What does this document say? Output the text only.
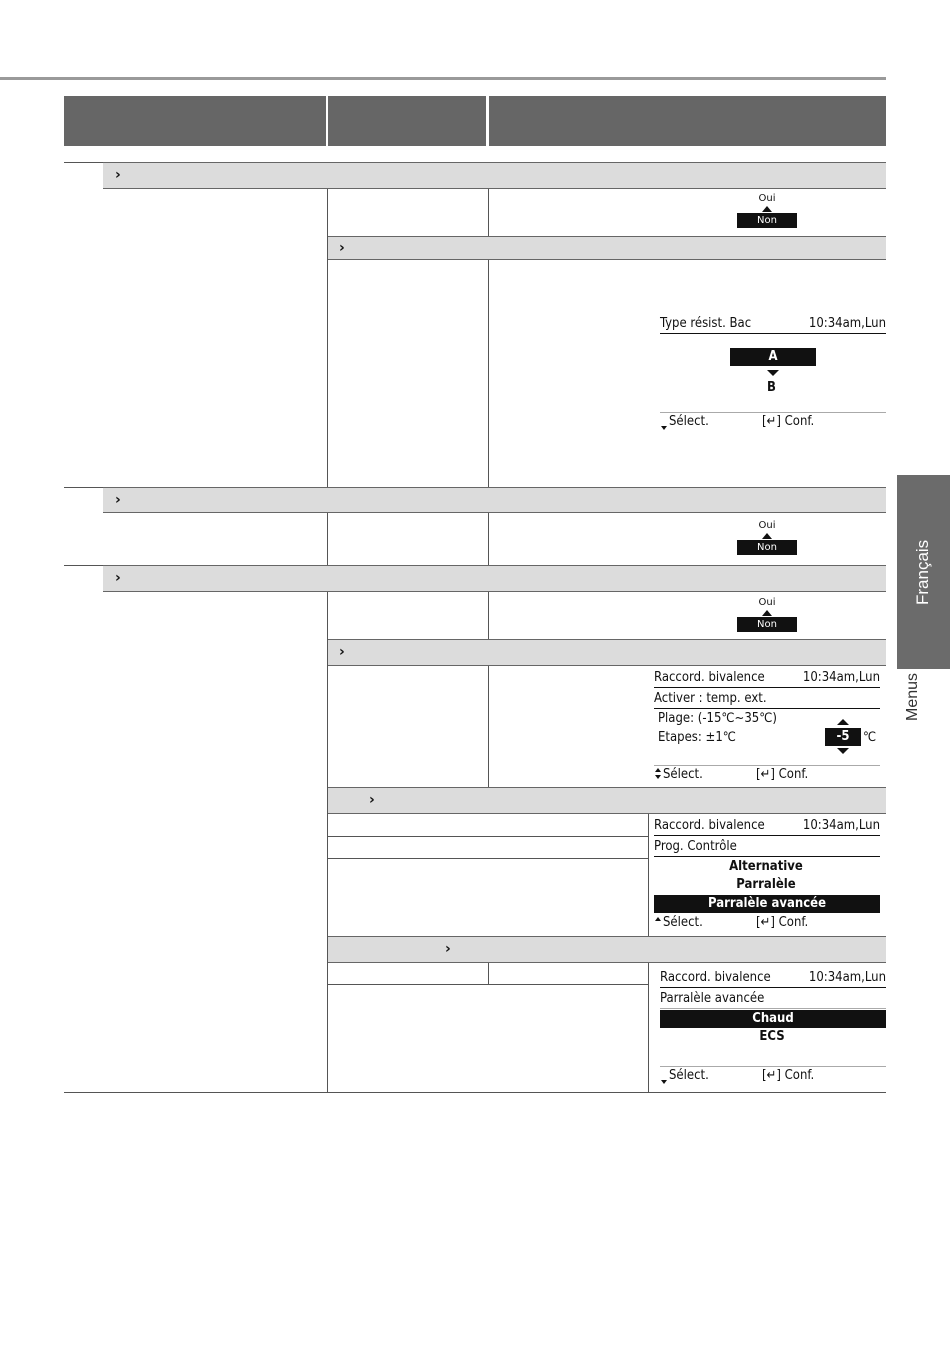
›
Oui
Non
›
Type résist. Bac	10:34am,Lun
A
B
Sélect.	[↵] Conf.
›
Oui
Non
›
Oui
Non
›
Raccord. bivalence	10:34am,Lun
Activer : temp. ext.
Plage: (-15℃~35℃)
Etapes: ±1℃	-5	℃
Sélect.	[↵] Conf.
›
Raccord. bivalence	10:34am,Lun
Prog. Contrôle
Alternative
Parralèle
Parralèle avancée
Sélect.	[↵] Conf.
›
Raccord. bivalence	10:34am,Lun
Parralèle avancée
Chaud
ECS
Sélect.	[↵] Conf.
Français
Menus
